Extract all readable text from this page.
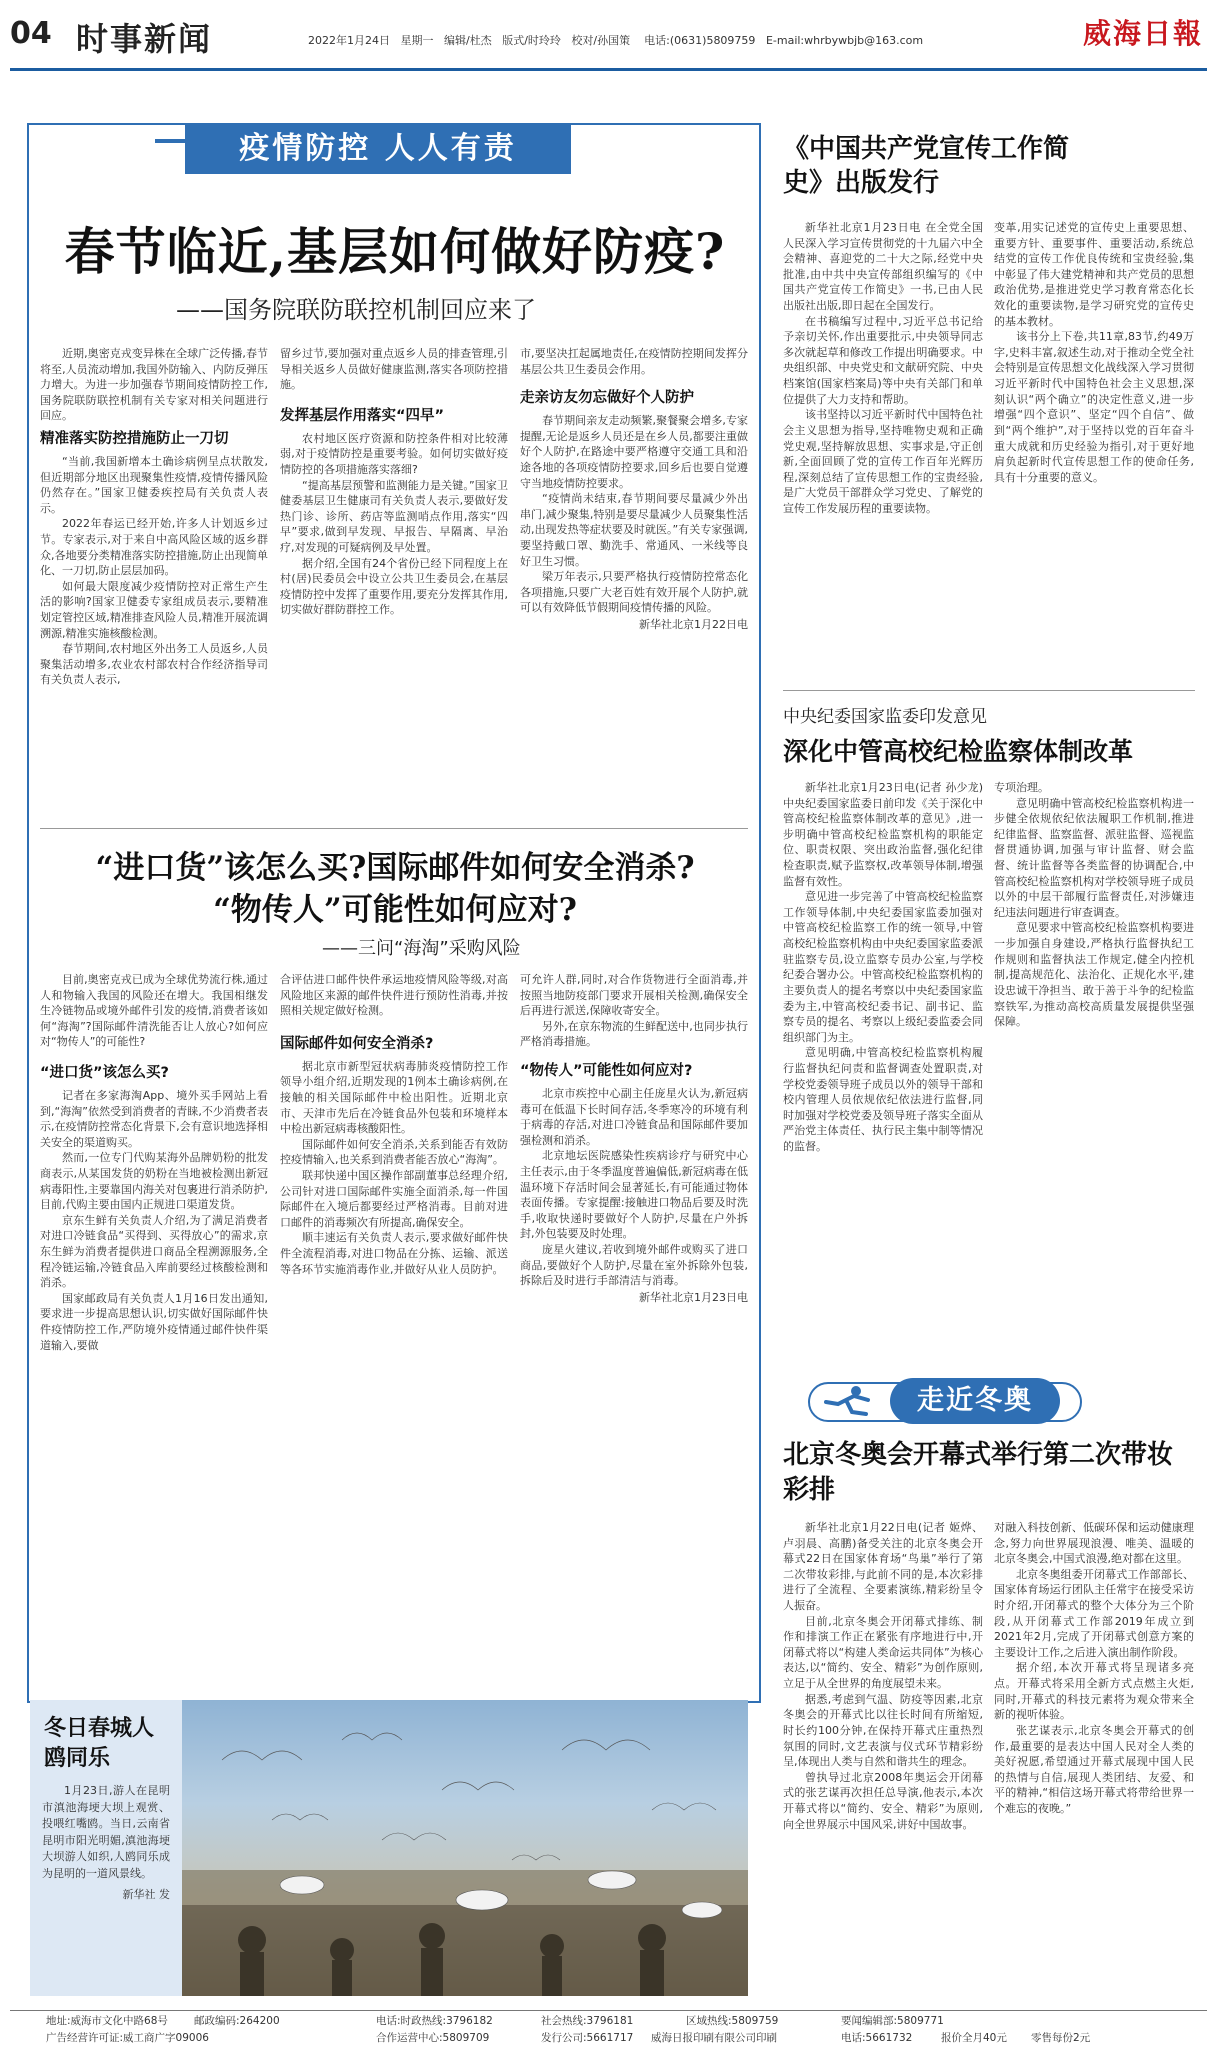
04 时事新闻	2022年1月24日 星期一 编辑/杜杰 版式/时玲玲 校对/孙国策 电话:(0631)5809759 E-mail:whrbywbjb@163.com	威海日報
疫情防控 人人有责
春节临近,基层如何做好防疫?
——国务院联防联控机制回应来了

近期,奥密克戎变异株在全球广泛传播,春节将至,人员流动增加,我国外防输入、内防反弹压力增大。为进一步加强春节期间疫情防控工作,国务院联防联控机制有关专家对相关问题进行回应。

精准落实防控措施防止一刀切

“当前,我国新增本土确诊病例呈点状散发,但近期部分地区出现聚集性疫情,疫情传播风险仍然存在。”国家卫健委疾控局有关负责人表示。

2022年春运已经开始,许多人计划返乡过节。专家表示,对于来自中高风险区域的返乡群众,各地要分类精准落实防控措施,防止出现简单化、一刀切,防止层层加码。

如何最大限度减少疫情防控对正常生产生活的影响?国家卫健委专家组成员表示,要精准划定管控区域,精准排查风险人员,精准开展流调溯源,精准实施核酸检测。

春节期间,农村地区外出务工人员返乡,人员聚集活动增多,农业农村部农村合作经济指导司有关负责人表示,

留乡过节,要加强对重点返乡人员的排查管理,引导相关返乡人员做好健康监测,落实各项防控措施。

发挥基层作用落实“四早”

农村地区医疗资源和防控条件相对比较薄弱,对于疫情防控是重要考验。如何切实做好疫情防控的各项措施落实落细?

“提高基层预警和监测能力是关键。”国家卫健委基层卫生健康司有关负责人表示,要做好发热门诊、诊所、药店等监测哨点作用,落实“四早”要求,做到早发现、早报告、早隔离、早治疗,对发现的可疑病例及早处置。

据介绍,全国有24个省份已经下同程度上在村(居)民委员会中设立公共卫生委员会,在基层疫情防控中发挥了重要作用,要充分发挥其作用,切实做好群防群控工作。

市,要坚决扛起属地责任,在疫情防控期间发挥分基层公共卫生委员会作用。

走亲访友勿忘做好个人防护

春节期间亲友走动频繁,聚餐聚会增多,专家提醒,无论是返乡人员还是在乡人员,都要注重做好个人防护,在路途中要严格遵守交通工具和沿途各地的各项疫情防控要求,回乡后也要自觉遵守当地疫情防控要求。

“疫情尚未结束,春节期间要尽量减少外出串门,减少聚集,特别是要尽量减少人员聚集性活动,出现发热等症状要及时就医。”有关专家强调,要坚持戴口罩、勤洗手、常通风、一米线等良好卫生习惯。

梁万年表示,只要严格执行疫情防控常态化各项措施,只要广大老百姓有效开展个人防护,就可以有效降低节假期间疫情传播的风险。

新华社北京1月22日电
“进口货”该怎么买?国际邮件如何安全消杀?
“物传人”可能性如何应对?
——三问“海淘”采购风险

目前,奥密克戎已成为全球优势流行株,通过人和物输入我国的风险还在增大。我国相继发生冷链物品或境外邮件引发的疫情,消费者该如何“海淘”?国际邮件清洗能否让人放心?如何应对“物传人”的可能性?

“进口货”该怎么买?

记者在多家海淘App、境外买手网站上看到,“海淘”依然受到消费者的青睐,不少消费者表示,在疫情防控常态化背景下,会有意识地选择相关安全的渠道购买。

然而,一位专门代购某海外品牌奶粉的批发商表示,从某国发货的奶粉在当地被检测出新冠病毒阳性,主要靠国内海关对包裹进行消杀防护,目前,代购主要由国内正规进口渠道发货。

京东生鲜有关负责人介绍,为了满足消费者对进口冷链食品“买得到、买得放心”的需求,京东生鲜为消费者提供进口商品全程溯源服务,全程冷链运输,冷链食品入库前要经过核酸检测和消杀。

国家邮政局有关负责人1月16日发出通知,要求进一步提高思想认识,切实做好国际邮件快件疫情防控工作,严防境外疫情通过邮件快件渠道输入,要做

合评估进口邮件快件承运地疫情风险等级,对高风险地区来源的邮件快件进行预防性消毒,并按照相关规定做好检测。

国际邮件如何安全消杀?

据北京市新型冠状病毒肺炎疫情防控工作领导小组介绍,近期发现的1例本土确诊病例,在接触的相关国际邮件中检出阳性。近期北京市、天津市先后在冷链食品外包装和环境样本中检出新冠病毒核酸阳性。

国际邮件如何安全消杀,关系到能否有效防控疫情输入,也关系到消费者能否放心“海淘”。

联邦快递中国区操作部副董事总经理介绍,公司针对进口国际邮件实施全面消杀,每一件国际邮件在入境后都要经过严格消毒。目前对进口邮件的消毒频次有所提高,确保安全。

顺丰速运有关负责人表示,要求做好邮件快件全流程消毒,对进口物品在分拣、运输、派送等各环节实施消毒作业,并做好从业人员防护。

可允许人群,同时,对合作货物进行全面消毒,并按照当地防疫部门要求开展相关检测,确保安全后再进行派送,保障收寄安全。

另外,在京东物流的生鲜配送中,也同步执行严格消毒措施。

“物传人”可能性如何应对?

北京市疾控中心副主任庞星火认为,新冠病毒可在低温下长时间存活,冬季寒冷的环境有利于病毒的存活,对进口冷链食品和国际邮件要加强检测和消杀。

北京地坛医院感染性疾病诊疗与研究中心主任表示,由于冬季温度普遍偏低,新冠病毒在低温环境下存活时间会显著延长,有可能通过物体表面传播。专家提醒:接触进口物品后要及时洗手,收取快递时要做好个人防护,尽量在户外拆封,外包装要及时处理。

庞星火建议,若收到境外邮件或购买了进口商品,要做好个人防护,尽量在室外拆除外包装,拆除后及时进行手部清洁与消毒。

新华社北京1月23日电
冬日春城人鸥同乐
1月23日,游人在昆明市滇池海埂大坝上观赏、投喂红嘴鸥。当日,云南省昆明市阳光明媚,滇池海埂大坝游人如织,人鸥同乐成为昆明的一道风景线。
新华社 发
《中国共产党宣传工作简史》出版发行

新华社北京1月23日电 在全党全国人民深入学习宣传贯彻党的十九届六中全会精神、喜迎党的二十大之际,经党中央批准,由中共中央宣传部组织编写的《中国共产党宣传工作简史》一书,已由人民出版社出版,即日起在全国发行。

在书稿编写过程中,习近平总书记给予亲切关怀,作出重要批示,中央领导同志多次就起草和修改工作提出明确要求。中央组织部、中央党史和文献研究院、中央档案馆(国家档案局)等中央有关部门和单位提供了大力支持和帮助。

该书坚持以习近平新时代中国特色社会主义思想为指导,坚持唯物史观和正确党史观,坚持解放思想、实事求是,守正创新,全面回顾了党的宣传工作百年光辉历程,深刻总结了宣传思想工作的宝贵经验,是广大党员干部群众学习党史、了解党的宣传工作发展历程的重要读物。

变革,用实记述党的宣传史上重要思想、重要方针、重要事件、重要活动,系统总结党的宣传工作优良传统和宝贵经验,集中彰显了伟大建党精神和共产党员的思想政治优势,是推进党史学习教育常态化长效化的重要读物,是学习研究党的宣传史的基本教材。

该书分上下卷,共11章,83节,约49万字,史料丰富,叙述生动,对于推动全党全社会特别是宣传思想文化战线深入学习贯彻习近平新时代中国特色社会主义思想,深刻认识“两个确立”的决定性意义,进一步增强“四个意识”、坚定“四个自信”、做到“两个维护”,对于坚持以党的百年奋斗重大成就和历史经验为指引,对于更好地肩负起新时代宣传思想工作的使命任务,具有十分重要的意义。

中央纪委国家监委印发意见
深化中管高校纪检监察体制改革

新华社北京1月23日电(记者 孙少龙)中央纪委国家监委日前印发《关于深化中管高校纪检监察体制改革的意见》,进一步明确中管高校纪检监察机构的职能定位、职责权限、突出政治监督,强化纪律检查职责,赋予监察权,改革领导体制,增强监督有效性。

意见进一步完善了中管高校纪检监察工作领导体制,中央纪委国家监委加强对中管高校纪检监察工作的统一领导,中管高校纪检监察机构由中央纪委国家监委派驻监察专员,设立监察专员办公室,与学校纪委合署办公。中管高校纪检监察机构的主要负责人的提名考察以中央纪委国家监委为主,中管高校纪委书记、副书记、监察专员的提名、考察以上级纪委监委会同组织部门为主。

意见明确,中管高校纪检监察机构履行监督执纪问责和监督调查处置职责,对学校党委领导班子成员以外的领导干部和校内管理人员依规依纪依法进行监督,同时加强对学校党委及领导班子落实全面从严治党主体责任、执行民主集中制等情况的监督。

专项治理。

意见明确中管高校纪检监察机构进一步健全依规依纪依法履职工作机制,推进纪律监督、监察监督、派驻监督、巡视监督贯通协调,加强与审计监督、财会监督、统计监督等各类监督的协调配合,中管高校纪检监察机构对学校领导班子成员以外的中层干部履行监督责任,对涉嫌违纪违法问题进行审查调查。

意见要求中管高校纪检监察机构要进一步加强自身建设,严格执行监督执纪工作规则和监督执法工作规定,健全内控机制,提高规范化、法治化、正规化水平,建设忠诚干净担当、敢于善于斗争的纪检监察铁军,为推动高校高质量发展提供坚强保障。

走近冬奥
北京冬奥会开幕式举行第二次带妆彩排

新华社北京1月22日电(记者 姬烨、卢羽晨、高鹏)备受关注的北京冬奥会开幕式22日在国家体育场“鸟巢”举行了第二次带妆彩排,与此前不同的是,本次彩排进行了全流程、全要素演练,精彩纷呈令人振奋。

目前,北京冬奥会开闭幕式排练、制作和排演工作正在紧张有序地进行中,开闭幕式将以“构建人类命运共同体”为核心表达,以“简约、安全、精彩”为创作原则,立足于从全世界的角度展望未来。

据悉,考虑到气温、防疫等因素,北京冬奥会的开幕式比以往长时间有所缩短,时长约100分钟,在保持开幕式庄重热烈氛围的同时,文艺表演与仪式环节精彩纷呈,体现出人类与自然和谐共生的理念。

曾执导过北京2008年奥运会开闭幕式的张艺谋再次担任总导演,他表示,本次开幕式将以“简约、安全、精彩”为原则,向全世界展示中国风采,讲好中国故事。

对融入科技创新、低碳环保和运动健康理念,努力向世界展现浪漫、唯美、温暖的北京冬奥会,中国式浪漫,绝对都在这里。

北京冬奥组委开闭幕式工作部部长、国家体育场运行团队主任常宇在接受采访时介绍,开闭幕式的整个大体分为三个阶段,从开闭幕式工作部2019年成立到2021年2月,完成了开闭幕式创意方案的主要设计工作,之后进入演出制作阶段。

据介绍,本次开幕式将呈现诸多亮点。开幕式将采用全新方式点燃主火炬,同时,开幕式的科技元素将为观众带来全新的视听体验。

张艺谋表示,北京冬奥会开幕式的创作,最重要的是表达中国人民对全人类的美好祝愿,希望通过开幕式展现中国人民的热情与自信,展现人类团结、友爱、和平的精神,“相信这场开幕式将带给世界一个难忘的夜晚。”

地址:威海市文化中路68号	邮政编码:264200	电话:时政热线:3796182	社会热线:3796181	区域热线:5809759	要闻编辑部:5809771
广告经营许可证:威工商广字09006	合作运营中心:5809709	发行公司:5661717	威海日报印刷有限公司印刷	电话:5661732	报价全月40元	零售每份2元
